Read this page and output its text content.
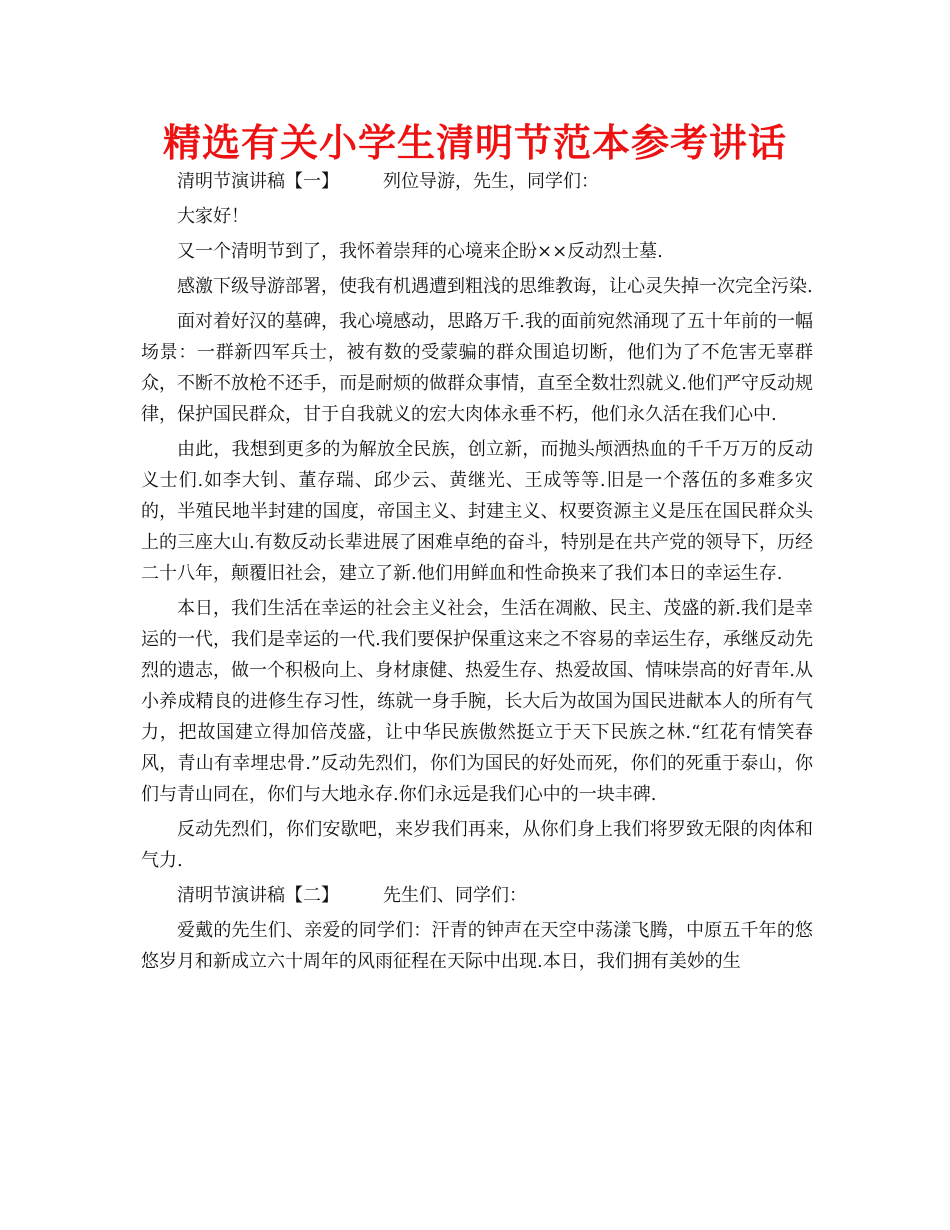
精选有关小学生清明节范本参考讲话

清明节演讲稿【一】 列位导游，先生，同学们：

大家好！

又一个清明节到了，我怀着崇拜的心境来企盼××反动烈士墓.

感激下级导游部署，使我有机遇遭到粗浅的思维教诲，让心灵失掉一次完全污染.

面对着好汉的墓碑，我心境感动，思路万千.我的面前宛然涌现了五十年前的一幅场景：一群新四军兵士，被有数的受蒙骗的群众围追切断，他们为了不危害无辜群众，不断不放枪不还手，而是耐烦的做群众事情，直至全数壮烈就义.他们严守反动规律，保护国民群众，甘于自我就义的宏大肉体永垂不朽，他们永久活在我们心中.

由此，我想到更多的为解放全民族，创立新，而抛头颅洒热血的千千万万的反动义士们.如李大钊、董存瑞、邱少云、黄继光、王成等等.旧是一个落伍的多难多灾的，半殖民地半封建的国度，帝国主义、封建主义、权要资源主义是压在国民群众头上的三座大山.有数反动长辈进展了困难卓绝的奋斗，特别是在共产党的领导下，历经二十八年，颠覆旧社会，建立了新.他们用鲜血和性命换来了我们本日的幸运生存.

本日，我们生活在幸运的社会主义社会，生活在凋敝、民主、茂盛的新.我们是幸运的一代，我们是幸运的一代.我们要保护保重这来之不容易的幸运生存，承继反动先烈的遗志，做一个积极向上、身材康健、热爱生存、热爱故国、情味崇高的好青年.从小养成精良的进修生存习性，练就一身手腕，长大后为故国为国民进献本人的所有气力，把故国建立得加倍茂盛，让中华民族傲然挺立于天下民族之林.“红花有情笑春风，青山有幸埋忠骨.”反动先烈们，你们为国民的好处而死，你们的死重于泰山，你们与青山同在，你们与大地永存.你们永远是我们心中的一块丰碑.

反动先烈们，你们安歇吧，来岁我们再来，从你们身上我们将罗致无限的肉体和气力.

清明节演讲稿【二】 先生们、同学们：

爱戴的先生们、亲爱的同学们：汗青的钟声在天空中荡漾飞腾，中原五千年的悠悠岁月和新成立六十周年的风雨征程在天际中出现.本日，我们拥有美妙的生
